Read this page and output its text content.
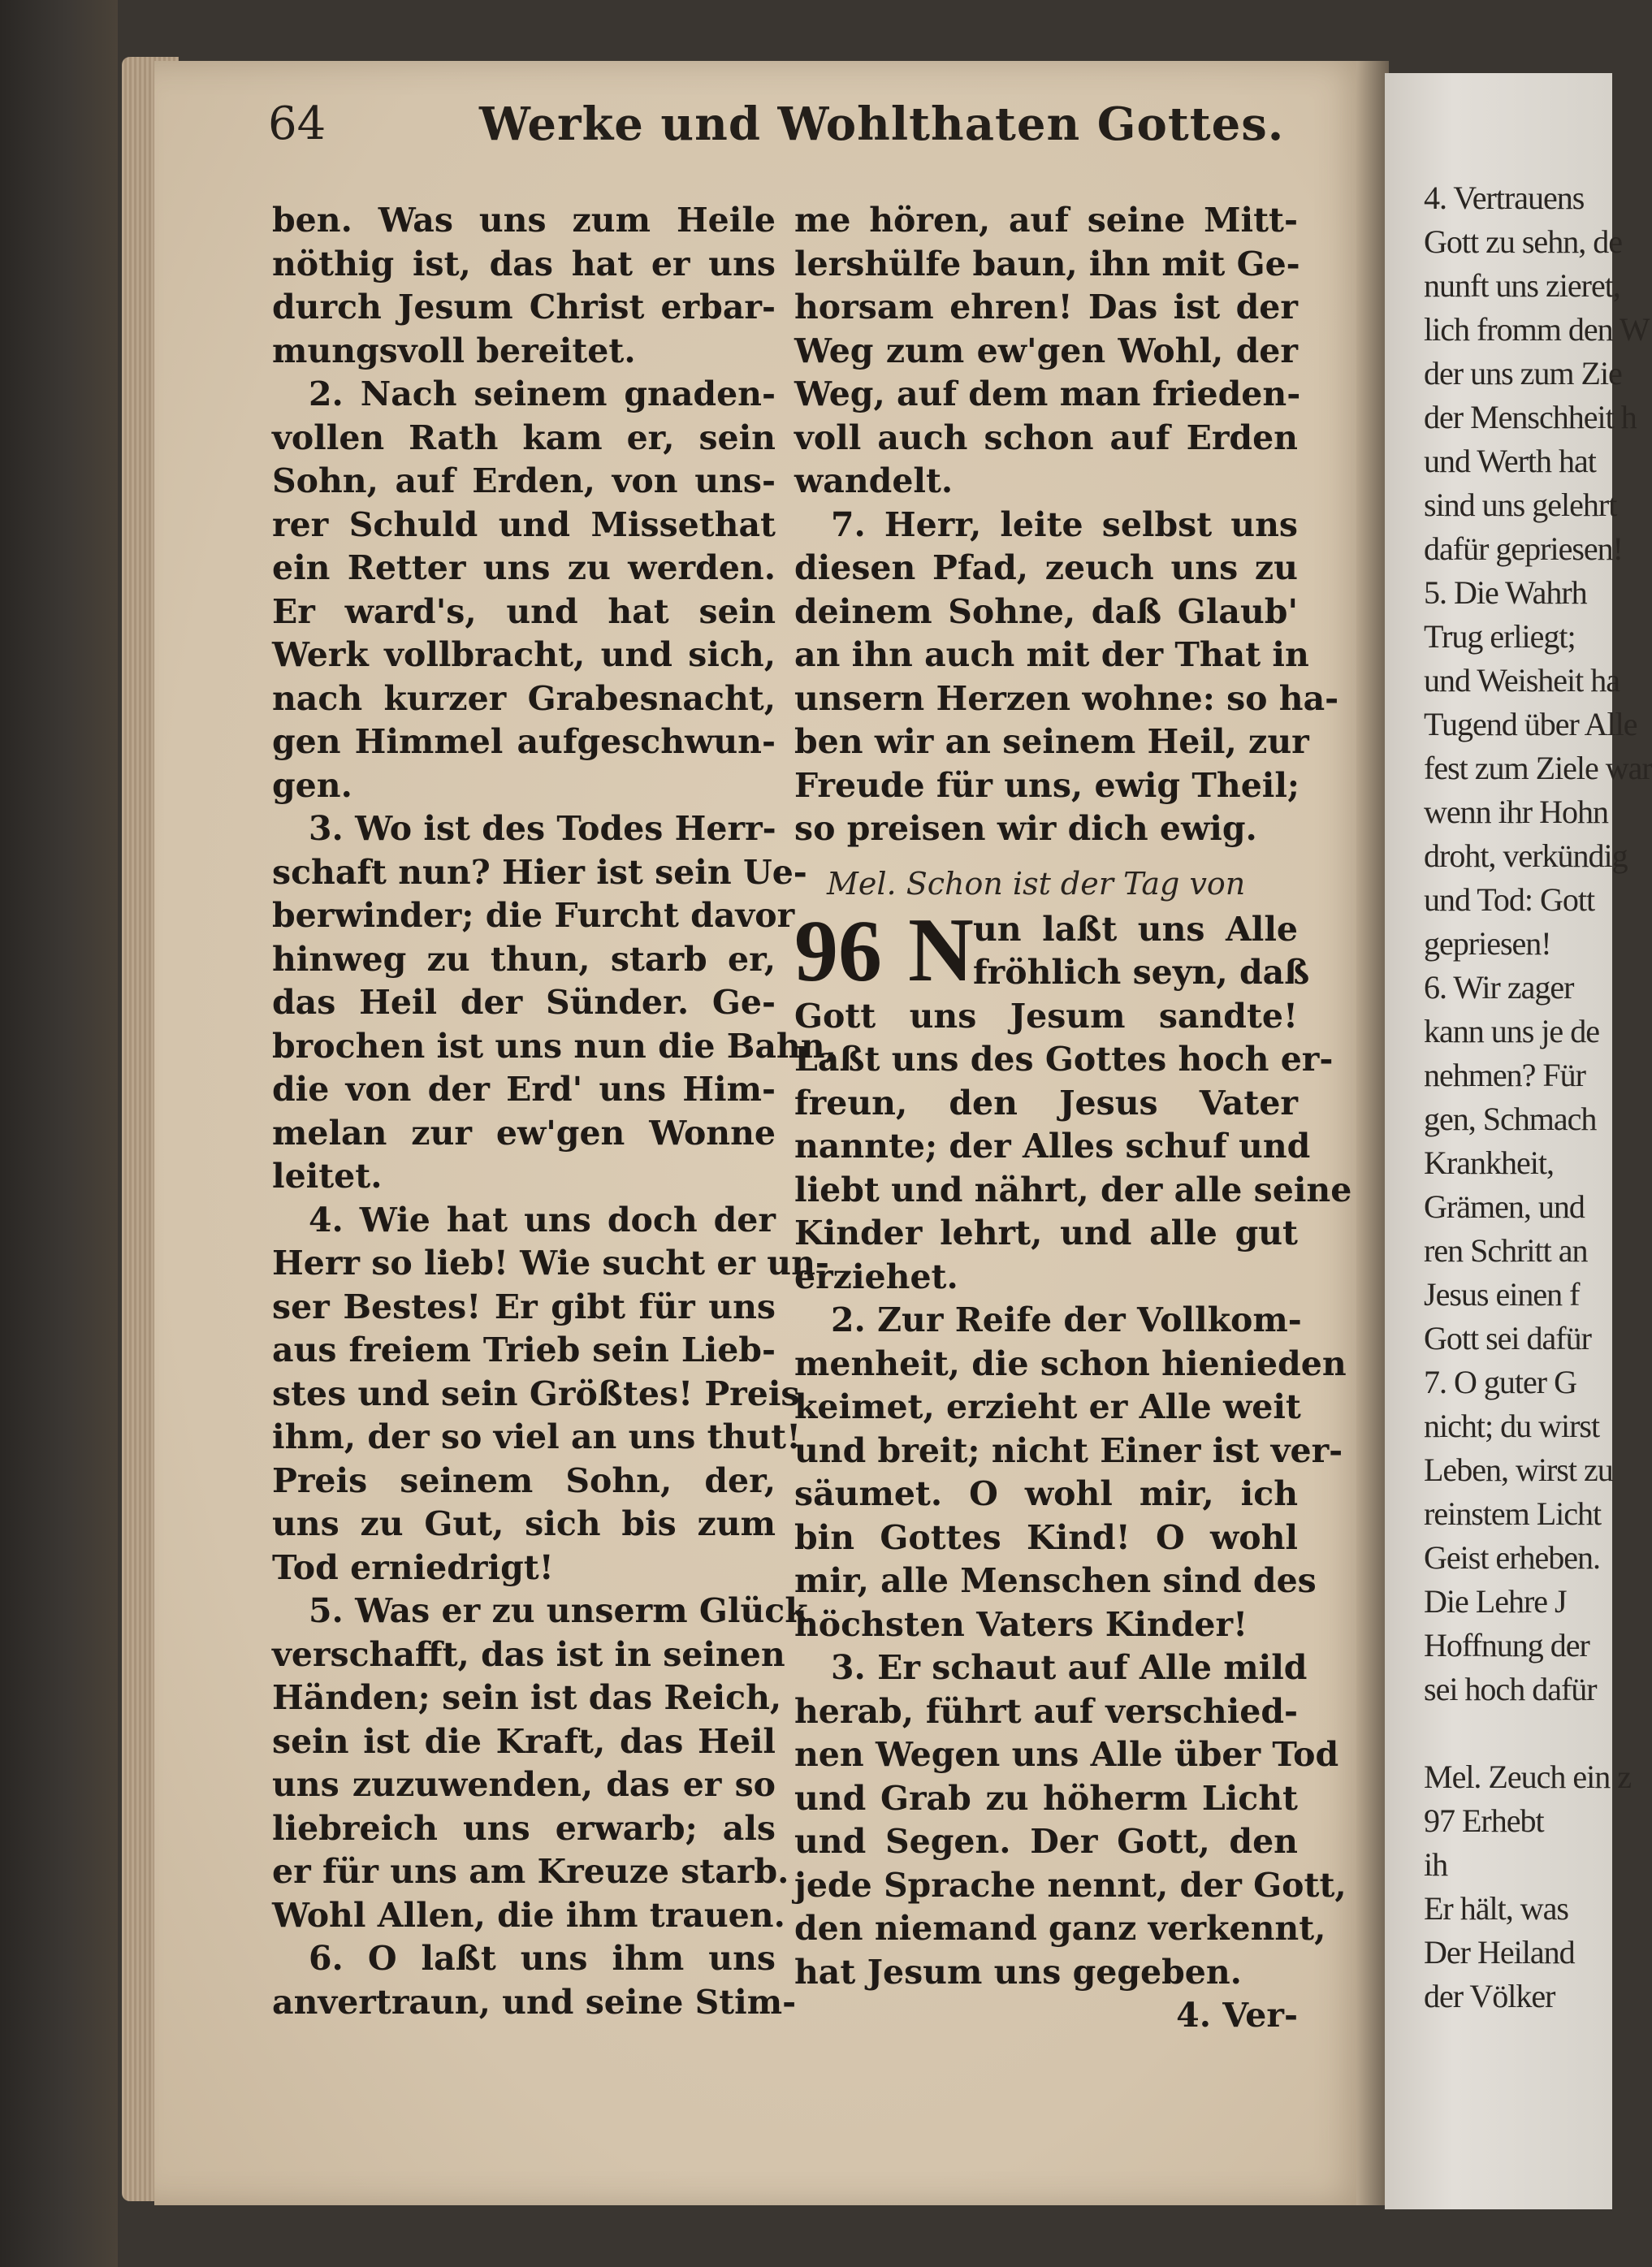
4. Vertrauens
Gott zu sehn, de
nunft uns zieret,
lich fromm den W
der uns zum Zie
der Menschheit h
und Werth hat
sind uns gelehrt
dafür gepriesen!
5. Die Wahrh
Trug erliegt;
und Weisheit ha
Tugend über Alle
fest zum Ziele war
wenn ihr Hohn
droht, verkündig
und Tod: Gott
gepriesen!
6. Wir zager
kann uns je de
nehmen? Für
gen, Schmach
Krankheit,
Grämen, und
ren Schritt an
Jesus einen f
Gott sei dafür
7. O guter G
nicht; du wirst
Leben, wirst zu
reinstem Licht
Geist erheben.
Die Lehre J
Hoffnung der
sei hoch dafür
Mel. Zeuch ein z
97 Erhebt
ih
Er hält, was
Der Heiland
der Völker
64	Werke und Wohlthaten Gottes.
ben. Was uns zum Heile
nöthig ist, das hat er uns
durch Jesum Christ erbar-
mungsvoll bereitet.
2. Nach seinem gnaden-
vollen Rath kam er, sein
Sohn, auf Erden, von uns-
rer Schuld und Missethat
ein Retter uns zu werden.
Er ward's, und hat sein
Werk vollbracht, und sich,
nach kurzer Grabesnacht,
gen Himmel aufgeschwun-
gen.
3. Wo ist des Todes Herr-
schaft nun? Hier ist sein Ue-
berwinder; die Furcht davor
hinweg zu thun, starb er,
das Heil der Sünder. Ge-
brochen ist uns nun die Bahn,
die von der Erd' uns Him-
melan zur ew'gen Wonne
leitet.
4. Wie hat uns doch der
Herr so lieb! Wie sucht er un-
ser Bestes! Er gibt für uns
aus freiem Trieb sein Lieb-
stes und sein Größtes! Preis
ihm, der so viel an uns thut!
Preis seinem Sohn, der,
uns zu Gut, sich bis zum
Tod erniedrigt!
5. Was er zu unserm Glück
verschafft, das ist in seinen
Händen; sein ist das Reich,
sein ist die Kraft, das Heil
uns zuzuwenden, das er so
liebreich uns erwarb; als
er für uns am Kreuze starb.
Wohl Allen, die ihm trauen.
6. O laßt uns ihm uns
anvertraun, und seine Stim-
me hören, auf seine Mitt-
lershülfe baun, ihn mit Ge-
horsam ehren! Das ist der
Weg zum ew'gen Wohl, der
Weg, auf dem man frieden-
voll auch schon auf Erden
wandelt.
7. Herr, leite selbst uns
diesen Pfad, zeuch uns zu
deinem Sohne, daß Glaub'
an ihn auch mit der That in
unsern Herzen wohne: so ha-
ben wir an seinem Heil, zur
Freude für uns, ewig Theil;
so preisen wir dich ewig.
Mel. Schon ist der Tag von
96 N un laßt uns Alle
fröhlich seyn, daß
Gott uns Jesum sandte!
Laßt uns des Gottes hoch er-
freun, den Jesus Vater
nannte; der Alles schuf und
liebt und nährt, der alle seine
Kinder lehrt, und alle gut
erziehet.
2. Zur Reife der Vollkom-
menheit, die schon hienieden
keimet, erzieht er Alle weit
und breit; nicht Einer ist ver-
säumet. O wohl mir, ich
bin Gottes Kind! O wohl
mir, alle Menschen sind des
höchsten Vaters Kinder!
3. Er schaut auf Alle mild
herab, führt auf verschied-
nen Wegen uns Alle über Tod
und Grab zu höherm Licht
und Segen. Der Gott, den
jede Sprache nennt, der Gott,
den niemand ganz verkennt,
hat Jesum uns gegeben.
4. Ver-
